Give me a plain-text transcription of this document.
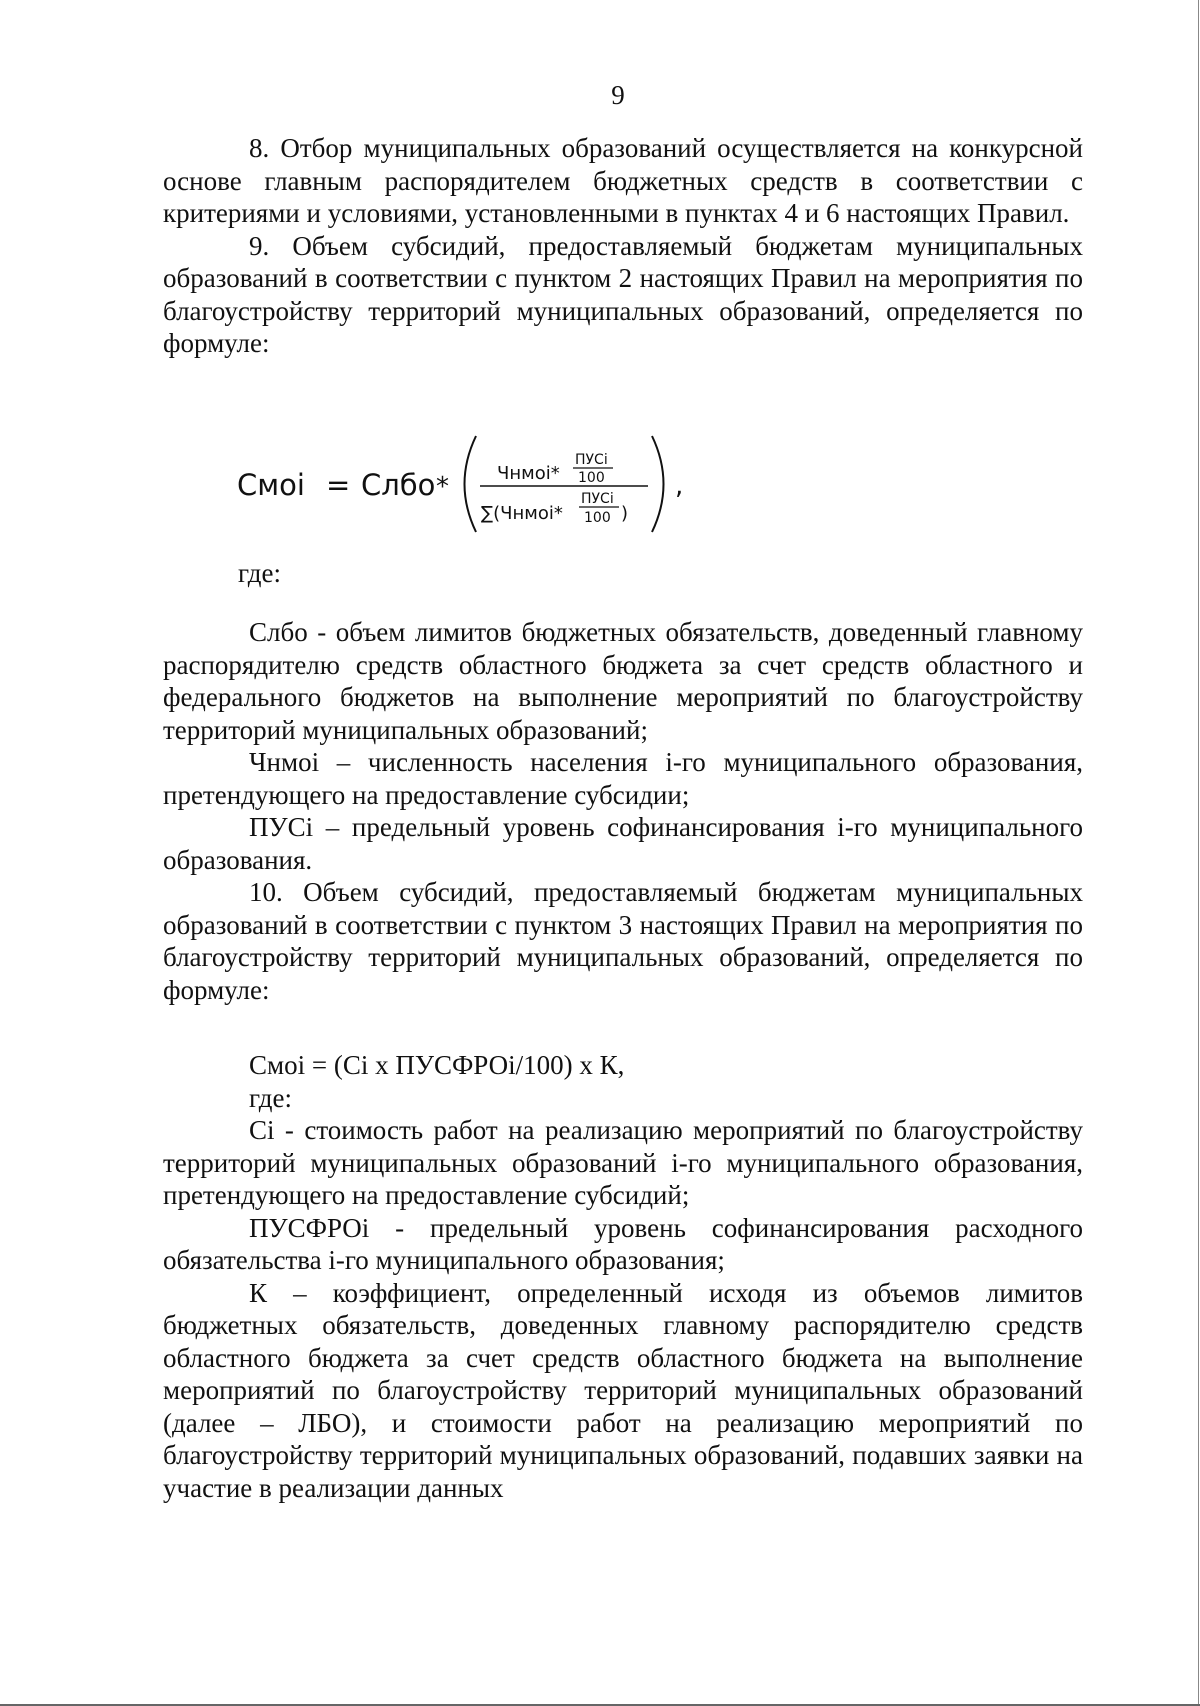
9

8. Отбор муниципальных образований осуществляется на конкурсной основе главным распорядителем бюджетных средств в соответствии с критериями и условиями, установленными в пунктах 4 и 6 настоящих Правил.

9. Объем субсидий, предоставляемый бюджетам муниципальных образований в соответствии с пунктом 2 настоящих Правил на мероприятия по благоустройству территорий муниципальных образований, определяется по формуле:

Смоi = Слбо *	Чнмоi*
ПУСi
100
∑(Чнмоi*
ПУСi
100 )
,
где:

Слбо - объем лимитов бюджетных обязательств, доведенный главному распорядителю средств областного бюджета за счет средств областного и федерального бюджетов на выполнение мероприятий по благоустройству территорий муниципальных образований;

Чнмоi – численность населения i-го муниципального образования, претендующего на предоставление субсидии;

ПУСi – предельный уровень софинансирования i-го муниципального образования.

10. Объем субсидий, предоставляемый бюджетам муниципальных образований в соответствии с пунктом 3 настоящих Правил на мероприятия по благоустройству территорий муниципальных образований, определяется по формуле:

Смоi = (Сi х ПУСФРОi/100) х К,

где:

Сi - стоимость работ на реализацию мероприятий по благоустройству территорий муниципальных образований i-го муниципального образования, претендующего на предоставление субсидий;

ПУСФРОi - предельный уровень софинансирования расходного обязательства i-го муниципального образования;

К – коэффициент, определенный исходя из объемов лимитов бюджетных обязательств, доведенных главному распорядителю средств областного бюджета за счет средств областного бюджета на выполнение мероприятий по благоустройству территорий муниципальных образований (далее – ЛБО), и стоимости работ на реализацию мероприятий по благоустройству территорий муниципальных образований, подавших заявки на участие в реализации данных
